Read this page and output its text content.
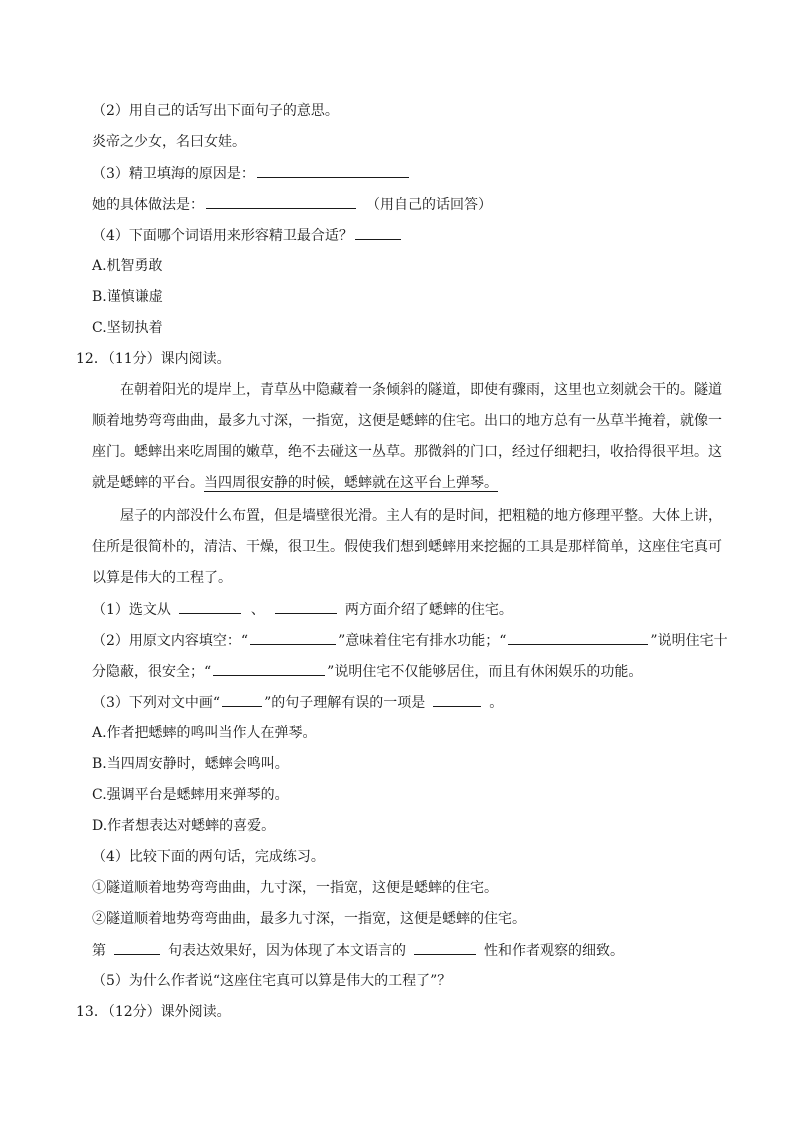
（2）用自己的话写出下面句子的意思。
炎帝之少女，名曰女娃。
（3）精卫填海的原因是：
她的具体做法是：	（用自己的话回答）
（4）下面哪个词语用来形容精卫最合适？
A.机智勇敢
B.谨慎谦虚
C.坚韧执着
12．（11分）课内阅读。
在朝着阳光的堤岸上，青草丛中隐藏着一条倾斜的隧道，即使有骤雨，这里也立刻就会干的。隧道
顺着地势弯弯曲曲，最多九寸深，一指宽，这便是蟋蟀的住宅。出口的地方总有一丛草半掩着，就像一
座门。蟋蟀出来吃周围的嫩草，绝不去碰这一丛草。那微斜的门口，经过仔细耙扫，收拾得很平坦。这
就是蟋蟀的平台。当四周很安静的时候，蟋蟀就在这平台上弹琴。
屋子的内部没什么布置，但是墙壁很光滑。主人有的是时间，把粗糙的地方修理平整。大体上讲，
住所是很简朴的，清洁、干燥，很卫生。假使我们想到蟋蟀用来挖掘的工具是那样简单，这座住宅真可
以算是伟大的工程了。
（1）选文从	、	两方面介绍了蟋蟀的住宅。
（2）用原文内容填空：“	”意味着住宅有排水功能；“	”说明住宅十
分隐蔽，很安全；“	”说明住宅不仅能够居住，而且有休闲娱乐的功能。
（3）下列对文中画“	”的句子理解有误的一项是	。
A.作者把蟋蟀的鸣叫当作人在弹琴。
B.当四周安静时，蟋蟀会鸣叫。
C.强调平台是蟋蟀用来弹琴的。
D.作者想表达对蟋蟀的喜爱。
（4）比较下面的两句话，完成练习。
①隧道顺着地势弯弯曲曲，九寸深，一指宽，这便是蟋蟀的住宅。
②隧道顺着地势弯弯曲曲，最多九寸深，一指宽，这便是蟋蟀的住宅。
第	句表达效果好，因为体现了本文语言的	性和作者观察的细致。
（5）为什么作者说“这座住宅真可以算是伟大的工程了”？
13．（12分）课外阅读。
